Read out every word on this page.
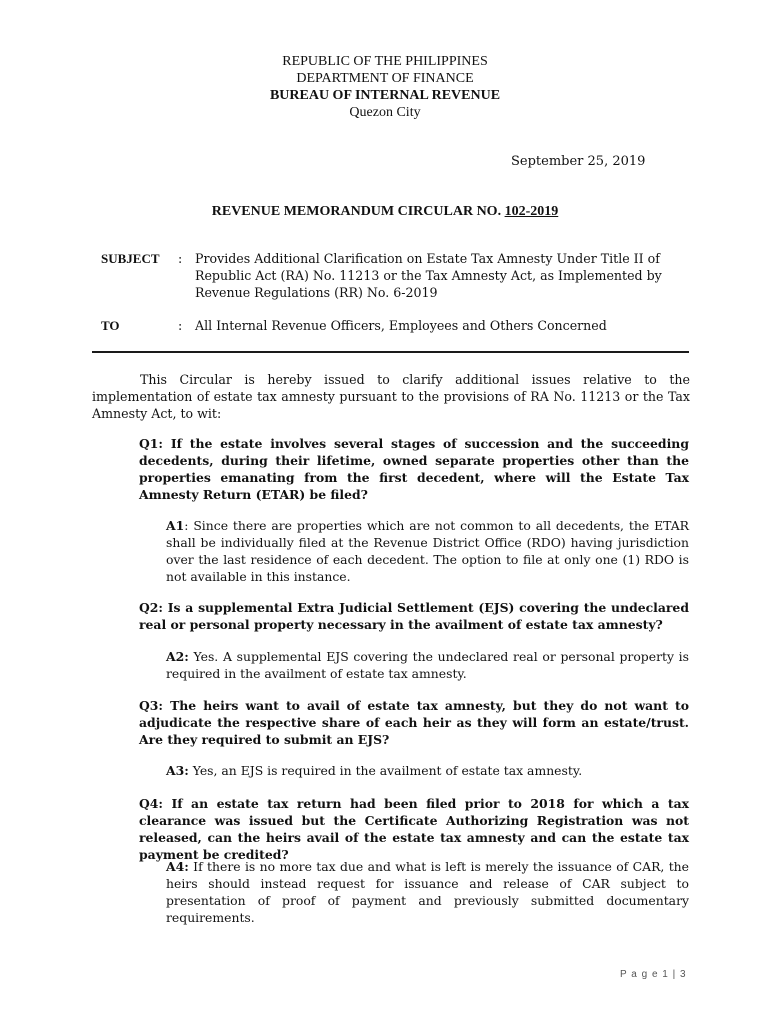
REPUBLIC OF THE PHILIPPINES
DEPARTMENT OF FINANCE
BUREAU OF INTERNAL REVENUE
Quezon City
September 25, 2019
REVENUE MEMORANDUM CIRCULAR NO. 102-2019
SUBJECT : Provides Additional Clarification on Estate Tax Amnesty Under Title II of Republic Act (RA) No. 11213 or the Tax Amnesty Act, as Implemented by Revenue Regulations (RR) No. 6-2019
TO	: All Internal Revenue Officers, Employees and Others Concerned
This Circular is hereby issued to clarify additional issues relative to the implementation of estate tax amnesty pursuant to the provisions of RA No. 11213 or the Tax Amnesty Act, to wit:
Q1: If the estate involves several stages of succession and the succeeding decedents, during their lifetime, owned separate properties other than the properties emanating from the first decedent, where will the Estate Tax Amnesty Return (ETAR) be filed?
A1: Since there are properties which are not common to all decedents, the ETAR shall be individually filed at the Revenue District Office (RDO) having jurisdiction over the last residence of each decedent. The option to file at only one (1) RDO is not available in this instance.
Q2: Is a supplemental Extra Judicial Settlement (EJS) covering the undeclared real or personal property necessary in the availment of estate tax amnesty?
A2: Yes. A supplemental EJS covering the undeclared real or personal property is required in the availment of estate tax amnesty.
Q3: The heirs want to avail of estate tax amnesty, but they do not want to adjudicate the respective share of each heir as they will form an estate/trust. Are they required to submit an EJS?
A3: Yes, an EJS is required in the availment of estate tax amnesty.
Q4: If an estate tax return had been filed prior to 2018 for which a tax clearance was issued but the Certificate Authorizing Registration was not released, can the heirs avail of the estate tax amnesty and can the estate tax payment be credited?
A4: If there is no more tax due and what is left is merely the issuance of CAR, the heirs should instead request for issuance and release of CAR subject to presentation of proof of payment and previously submitted documentary requirements.
P a g e 1 | 3
